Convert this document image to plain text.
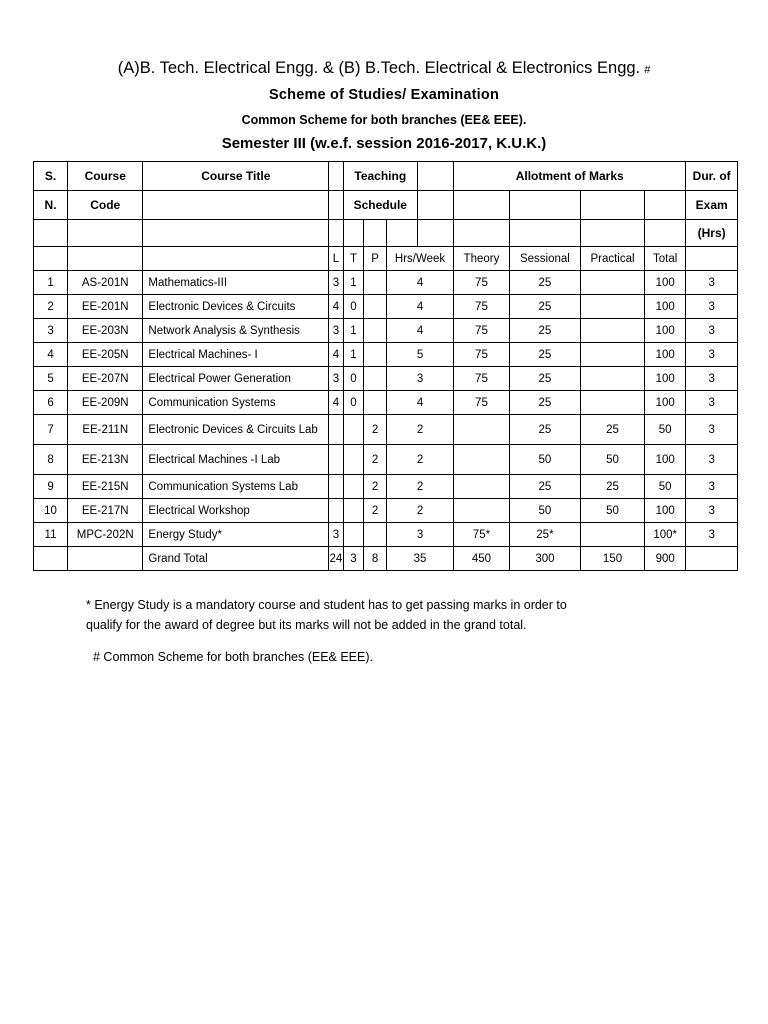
(A)B. Tech. Electrical Engg. & (B) B.Tech. Electrical & Electronics Engg. #
Scheme of Studies/ Examination
Common Scheme for both branches (EE& EEE).
Semester III (w.e.f. session 2016-2017, K.U.K.)
S.	Course	Course Title		Teaching				Allotment of Marks				Dur. of
N.	Code			Schedule								Exam
												(Hrs)
			L	T	P	Hrs/Week		Theory	Sessional	Practical	Total	
1	AS-201N	Mathematics-III	3	1		4		75	25		100	3
2	EE-201N	Electronic Devices & Circuits	4	0		4		75	25		100	3
3	EE-203N	Network Analysis & Synthesis	3	1		4		75	25		100	3
4	EE-205N	Electrical Machines- I	4	1		5		75	25		100	3
5	EE-207N	Electrical Power Generation	3	0		3		75	25		100	3
6	EE-209N	Communication Systems	4	0		4		75	25		100	3
7	EE-211N	Electronic Devices & Circuits Lab			2	2			25	25	50	3
8	EE-213N	Electrical Machines -I Lab			2	2			50	50	100	3
9	EE-215N	Communication Systems Lab			2	2			25	25	50	3
10	EE-217N	Electrical Workshop			2	2			50	50	100	3
11	MPC-202N	Energy Study*	3			3		75*	25*		100*	3
		Grand Total	24	3	8	35		450	300	150	900	
* Energy Study is a mandatory course and student has to get passing marks in order to qualify for the award of degree but its marks will not be added in the grand total.
# Common Scheme for both branches (EE& EEE).
